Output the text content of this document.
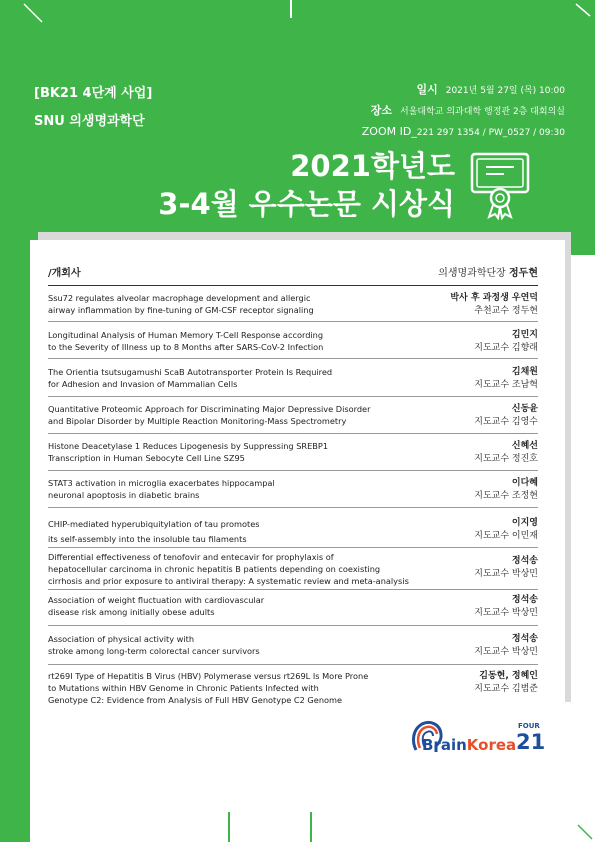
[BK21 4단계 사업]
SNU 의생명과학단
일시 2021년 5월 27일 (목) 10:00
장소 서울대학교 의과대학 행정관 2층 대회의실
ZOOM ID_221 297 1354 / PW_0527 / 09:30
2021학년도
3-4월 우수논문 시상식
/개회사	의생명과학단장 정두현
Ssu72 regulates alveolar macrophage development and allergic
airway inflammation by fine-tuning of GM-CSF receptor signaling
박사 후 과정생 우연덕
추천교수 정두현
Longitudinal Analysis of Human Memory T-Cell Response according
to the Severity of Illness up to 8 Months after SARS-CoV-2 Infection
김민지
지도교수 김향래
The Orientia tsutsugamushi ScaB Autotransporter Protein Is Required
for Adhesion and Invasion of Mammalian Cells
김채원
지도교수 조남혁
Quantitative Proteomic Approach for Discriminating Major Depressive Disorder
and Bipolar Disorder by Multiple Reaction Monitoring-Mass Spectrometry
신동윤
지도교수 김영수
Histone Deacetylase 1 Reduces Lipogenesis by Suppressing SREBP1
Transcription in Human Sebocyte Cell Line SZ95
신혜선
지도교수 정진호
STAT3 activation in microglia exacerbates hippocampal
neuronal apoptosis in diabetic brains
이다혜
지도교수 조정현
CHIP-mediated hyperubiquitylation of tau promotes
its self-assembly into the insoluble tau filaments
이지영
지도교수 이민재
Differential effectiveness of tenofovir and entecavir for prophylaxis of
hepatocellular carcinoma in chronic hepatitis B patients depending on coexisting
cirrhosis and prior exposure to antiviral therapy: A systematic review and meta-analysis
정석송
지도교수 박상민
Association of weight fluctuation with cardiovascular
disease risk among initially obese adults
정석송
지도교수 박상민
Association of physical activity with
stroke among long-term colorectal cancer survivors
정석송
지도교수 박상민
rt269I Type of Hepatitis B Virus (HBV) Polymerase versus rt269L Is More Prone
to Mutations within HBV Genome in Chronic Patients Infected with
Genotype C2: Evidence from Analysis of Full HBV Genotype C2 Genome
김동현, 정혜인
지도교수 김범준
BrainKorea
FOUR
21
